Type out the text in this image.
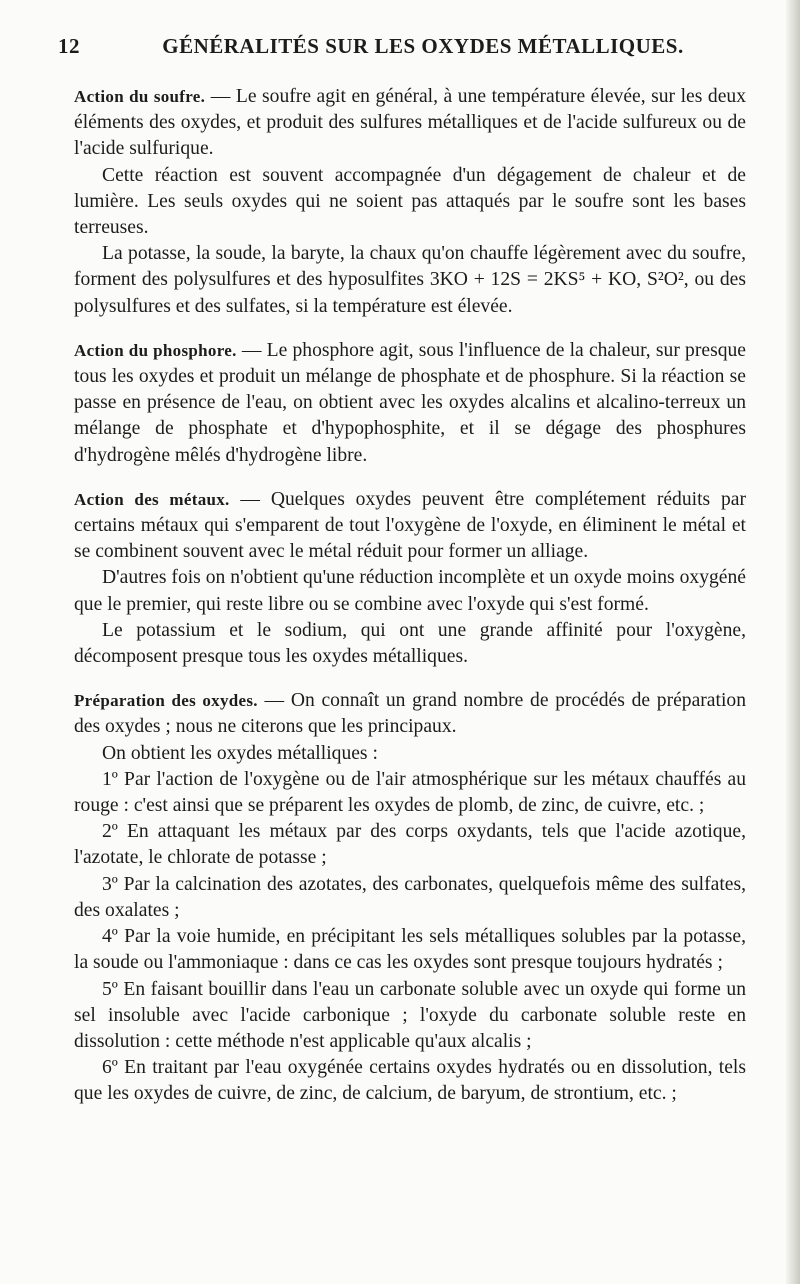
12	GÉNÉRALITÉS SUR LES OXYDES MÉTALLIQUES.

Action du soufre. — Le soufre agit en général, à une température élevée, sur les deux éléments des oxydes, et produit des sulfures métalliques et de l'acide sulfureux ou de l'acide sulfurique.

Cette réaction est souvent accompagnée d'un dégagement de chaleur et de lumière. Les seuls oxydes qui ne soient pas attaqués par le soufre sont les bases terreuses.

La potasse, la soude, la baryte, la chaux qu'on chauffe légèrement avec du soufre, forment des polysulfures et des hyposulfites 3KO + 12S = 2KS⁵ + KO, S²O², ou des polysulfures et des sulfates, si la température est élevée.

Action du phosphore. — Le phosphore agit, sous l'influence de la chaleur, sur presque tous les oxydes et produit un mélange de phosphate et de phosphure. Si la réaction se passe en présence de l'eau, on obtient avec les oxydes alcalins et alcalino-terreux un mélange de phosphate et d'hypophosphite, et il se dégage des phosphures d'hydrogène mêlés d'hydrogène libre.

Action des métaux. — Quelques oxydes peuvent être complétement réduits par certains métaux qui s'emparent de tout l'oxygène de l'oxyde, en éliminent le métal et se combinent souvent avec le métal réduit pour former un alliage.

D'autres fois on n'obtient qu'une réduction incomplète et un oxyde moins oxygéné que le premier, qui reste libre ou se combine avec l'oxyde qui s'est formé.

Le potassium et le sodium, qui ont une grande affinité pour l'oxygène, décomposent presque tous les oxydes métalliques.

Préparation des oxydes. — On connaît un grand nombre de procédés de préparation des oxydes ; nous ne citerons que les principaux.

On obtient les oxydes métalliques :

1º Par l'action de l'oxygène ou de l'air atmosphérique sur les métaux chauffés au rouge : c'est ainsi que se préparent les oxydes de plomb, de zinc, de cuivre, etc. ;

2º En attaquant les métaux par des corps oxydants, tels que l'acide azotique, l'azotate, le chlorate de potasse ;

3º Par la calcination des azotates, des carbonates, quelquefois même des sulfates, des oxalates ;

4º Par la voie humide, en précipitant les sels métalliques solubles par la potasse, la soude ou l'ammoniaque : dans ce cas les oxydes sont presque toujours hydratés ;

5º En faisant bouillir dans l'eau un carbonate soluble avec un oxyde qui forme un sel insoluble avec l'acide carbonique ; l'oxyde du carbonate soluble reste en dissolution : cette méthode n'est applicable qu'aux alcalis ;

6º En traitant par l'eau oxygénée certains oxydes hydratés ou en dissolution, tels que les oxydes de cuivre, de zinc, de calcium, de baryum, de strontium, etc. ;
